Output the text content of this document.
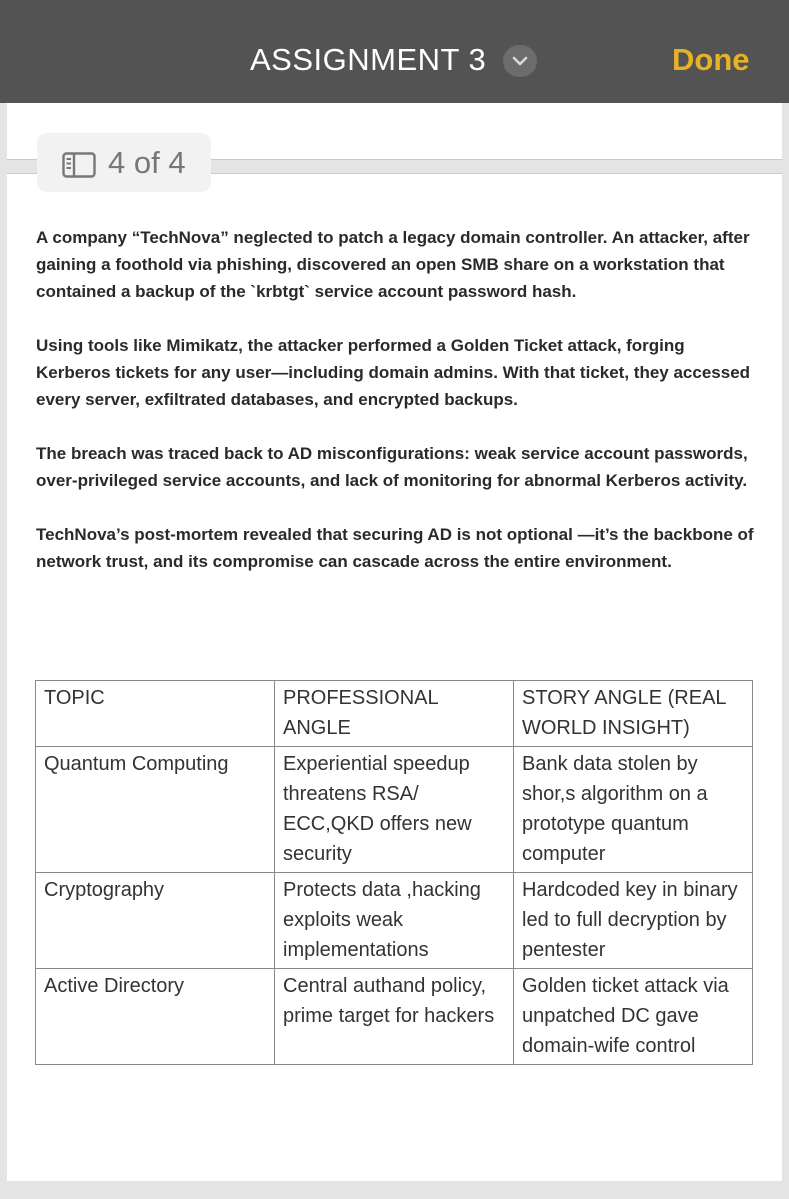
ASSIGNMENT 3	Done
4 of 4

A company “TechNova” neglected to patch a legacy domain controller. An attacker, after gaining a foothold via phishing, discovered an open SMB share on a workstation that contained a backup of the `krbtgt` service account password hash.

Using tools like Mimikatz, the attacker performed a Golden Ticket attack, forging Kerberos tickets for any user—including domain admins. With that ticket, they accessed every server, exfiltrated databases, and encrypted backups.

The breach was traced back to AD misconfigurations: weak service account passwords, over-privileged service accounts, and lack of monitoring for abnormal Kerberos activity.

TechNova’s post-mortem revealed that securing AD is not optional —it’s the backbone of network trust, and its compromise can cascade across the entire environment.

TOPIC	PROFESSIONAL ANGLE	STORY ANGLE (REAL WORLD INSIGHT)
Quantum Computing	Experiential speedup threatens RSA/ ECC,QKD offers new security	Bank data stolen by shor,s algorithm on a prototype quantum computer
Cryptography	Protects data ,hacking exploits weak implementations	Hardcoded key in binary led to full decryption by pentester
Active Directory	Central authand policy, prime target for hackers	Golden ticket attack via unpatched DC gave domain-wife control
